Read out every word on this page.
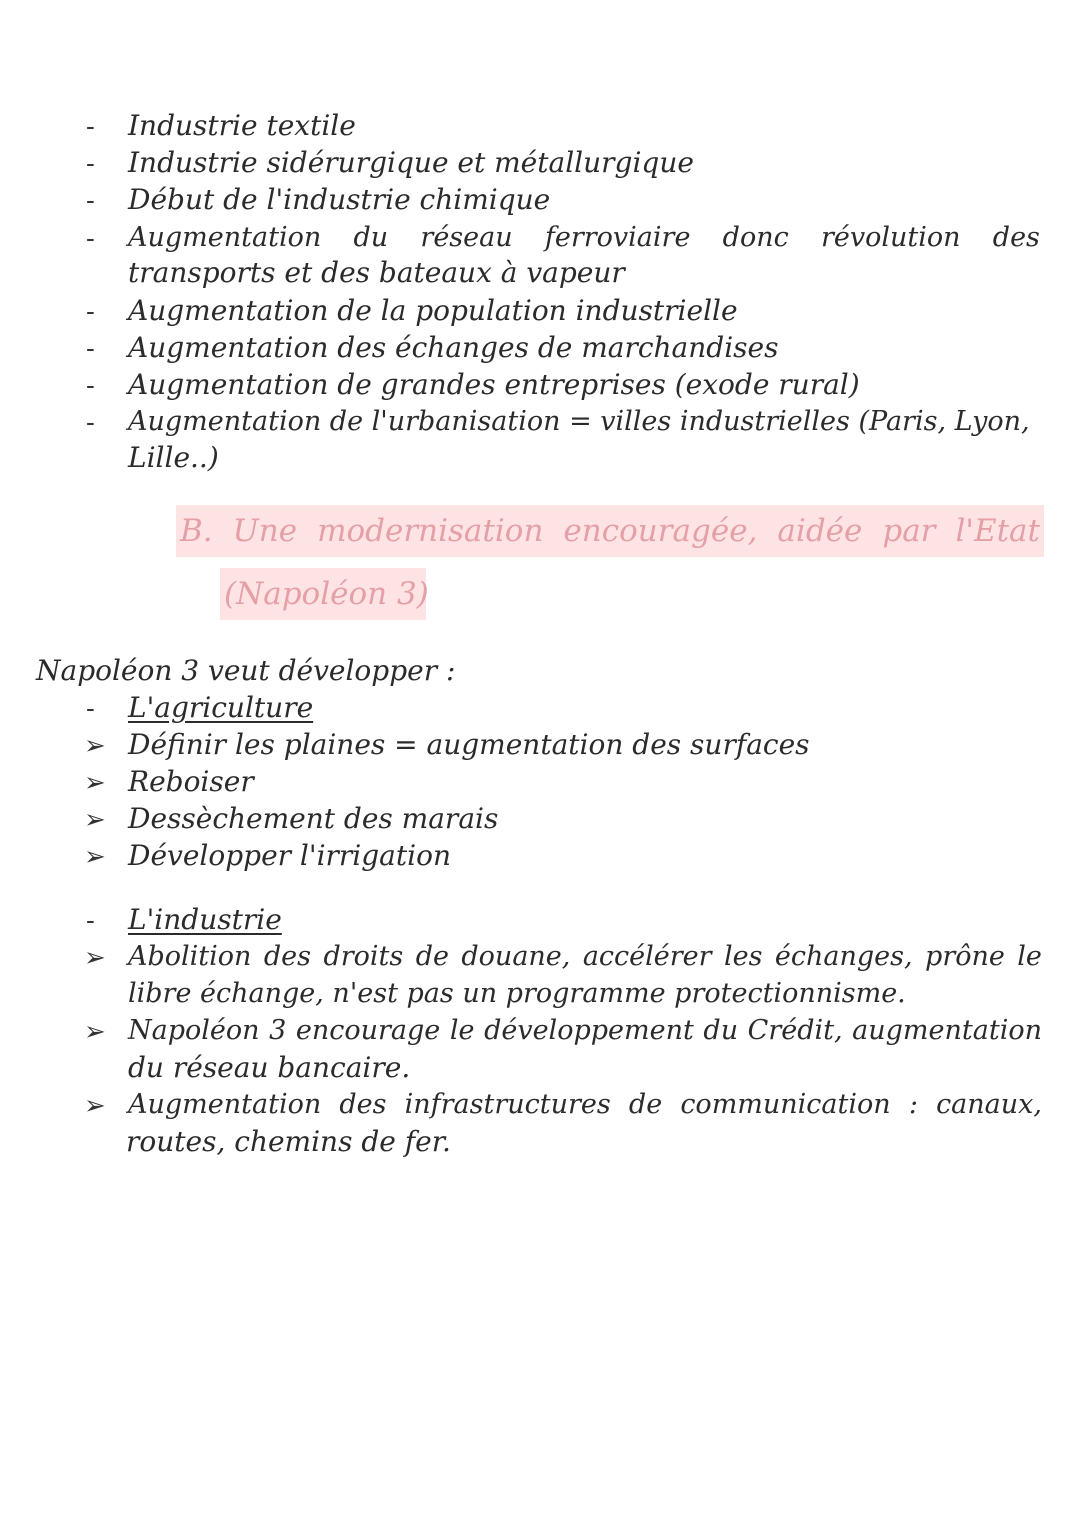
- Industrie textile
- Industrie sidérurgique et métallurgique
- Début de l'industrie chimique
- Augmentation du réseau ferroviaire donc révolution des
transports et des bateaux à vapeur
- Augmentation de la population industrielle
- Augmentation des échanges de marchandises
- Augmentation de grandes entreprises (exode rural)
- Augmentation de l'urbanisation = villes industrielles (Paris, Lyon,
Lille..)
B. Une modernisation encouragée, aidée par l'Etat
(Napoléon 3)
Napoléon 3 veut développer :
- L'agriculture
➢ Définir les plaines = augmentation des surfaces
➢ Reboiser
➢ Dessèchement des marais
➢ Développer l'irrigation
- L'industrie
➢ Abolition des droits de douane, accélérer les échanges, prône le
libre échange, n'est pas un programme protectionnisme.
➢ Napoléon 3 encourage le développement du Crédit, augmentation
du réseau bancaire.
➢ Augmentation des infrastructures de communication : canaux,
routes, chemins de fer.
